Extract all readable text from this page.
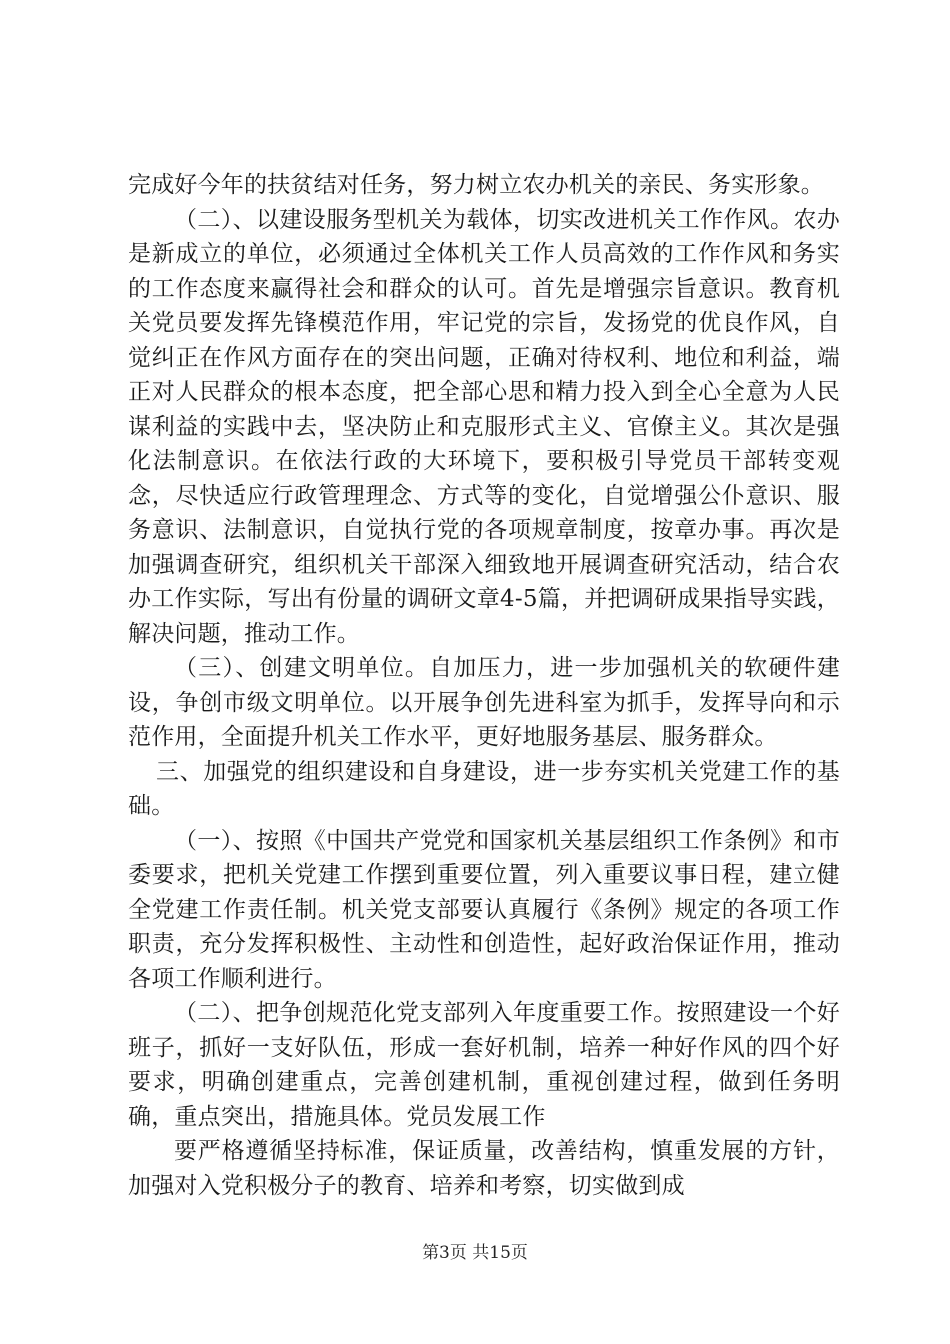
完成好今年的扶贫结对任务，努力树立农办机关的亲民、务实形象。

（二）、以建设服务型机关为载体，切实改进机关工作作风。农办是新成立的单位，必须通过全体机关工作人员高效的工作作风和务实的工作态度来赢得社会和群众的认可。首先是增强宗旨意识。教育机关党员要发挥先锋模范作用，牢记党的宗旨，发扬党的优良作风，自觉纠正在作风方面存在的突出问题，正确对待权利、地位和利益，端正对人民群众的根本态度，把全部心思和精力投入到全心全意为人民谋利益的实践中去，坚决防止和克服形式主义、官僚主义。其次是强化法制意识。在依法行政的大环境下，要积极引导党员干部转变观念，尽快适应行政管理理念、方式等的变化，自觉增强公仆意识、服务意识、法制意识，自觉执行党的各项规章制度，按章办事。再次是加强调查研究，组织机关干部深入细致地开展调查研究活动，结合农办工作实际，写出有份量的调研文章4-5篇，并把调研成果指导实践，解决问题，推动工作。

（三）、创建文明单位。自加压力，进一步加强机关的软硬件建设，争创市级文明单位。以开展争创先进科室为抓手，发挥导向和示范作用，全面提升机关工作水平，更好地服务基层、服务群众。

三、加强党的组织建设和自身建设，进一步夯实机关党建工作的基础。

（一）、按照《中国共产党党和国家机关基层组织工作条例》和市委要求，把机关党建工作摆到重要位置，列入重要议事日程，建立健全党建工作责任制。机关党支部要认真履行《条例》规定的各项工作职责，充分发挥积极性、主动性和创造性，起好政治保证作用，推动各项工作顺利进行。

（二）、把争创规范化党支部列入年度重要工作。按照建设一个好班子，抓好一支好队伍，形成一套好机制，培养一种好作风的四个好要求，明确创建重点，完善创建机制，重视创建过程，做到任务明确，重点突出，措施具体。党员发展工作

要严格遵循坚持标准，保证质量，改善结构，慎重发展的方针，加强对入党积极分子的教育、培养和考察，切实做到成

第3页 共15页
